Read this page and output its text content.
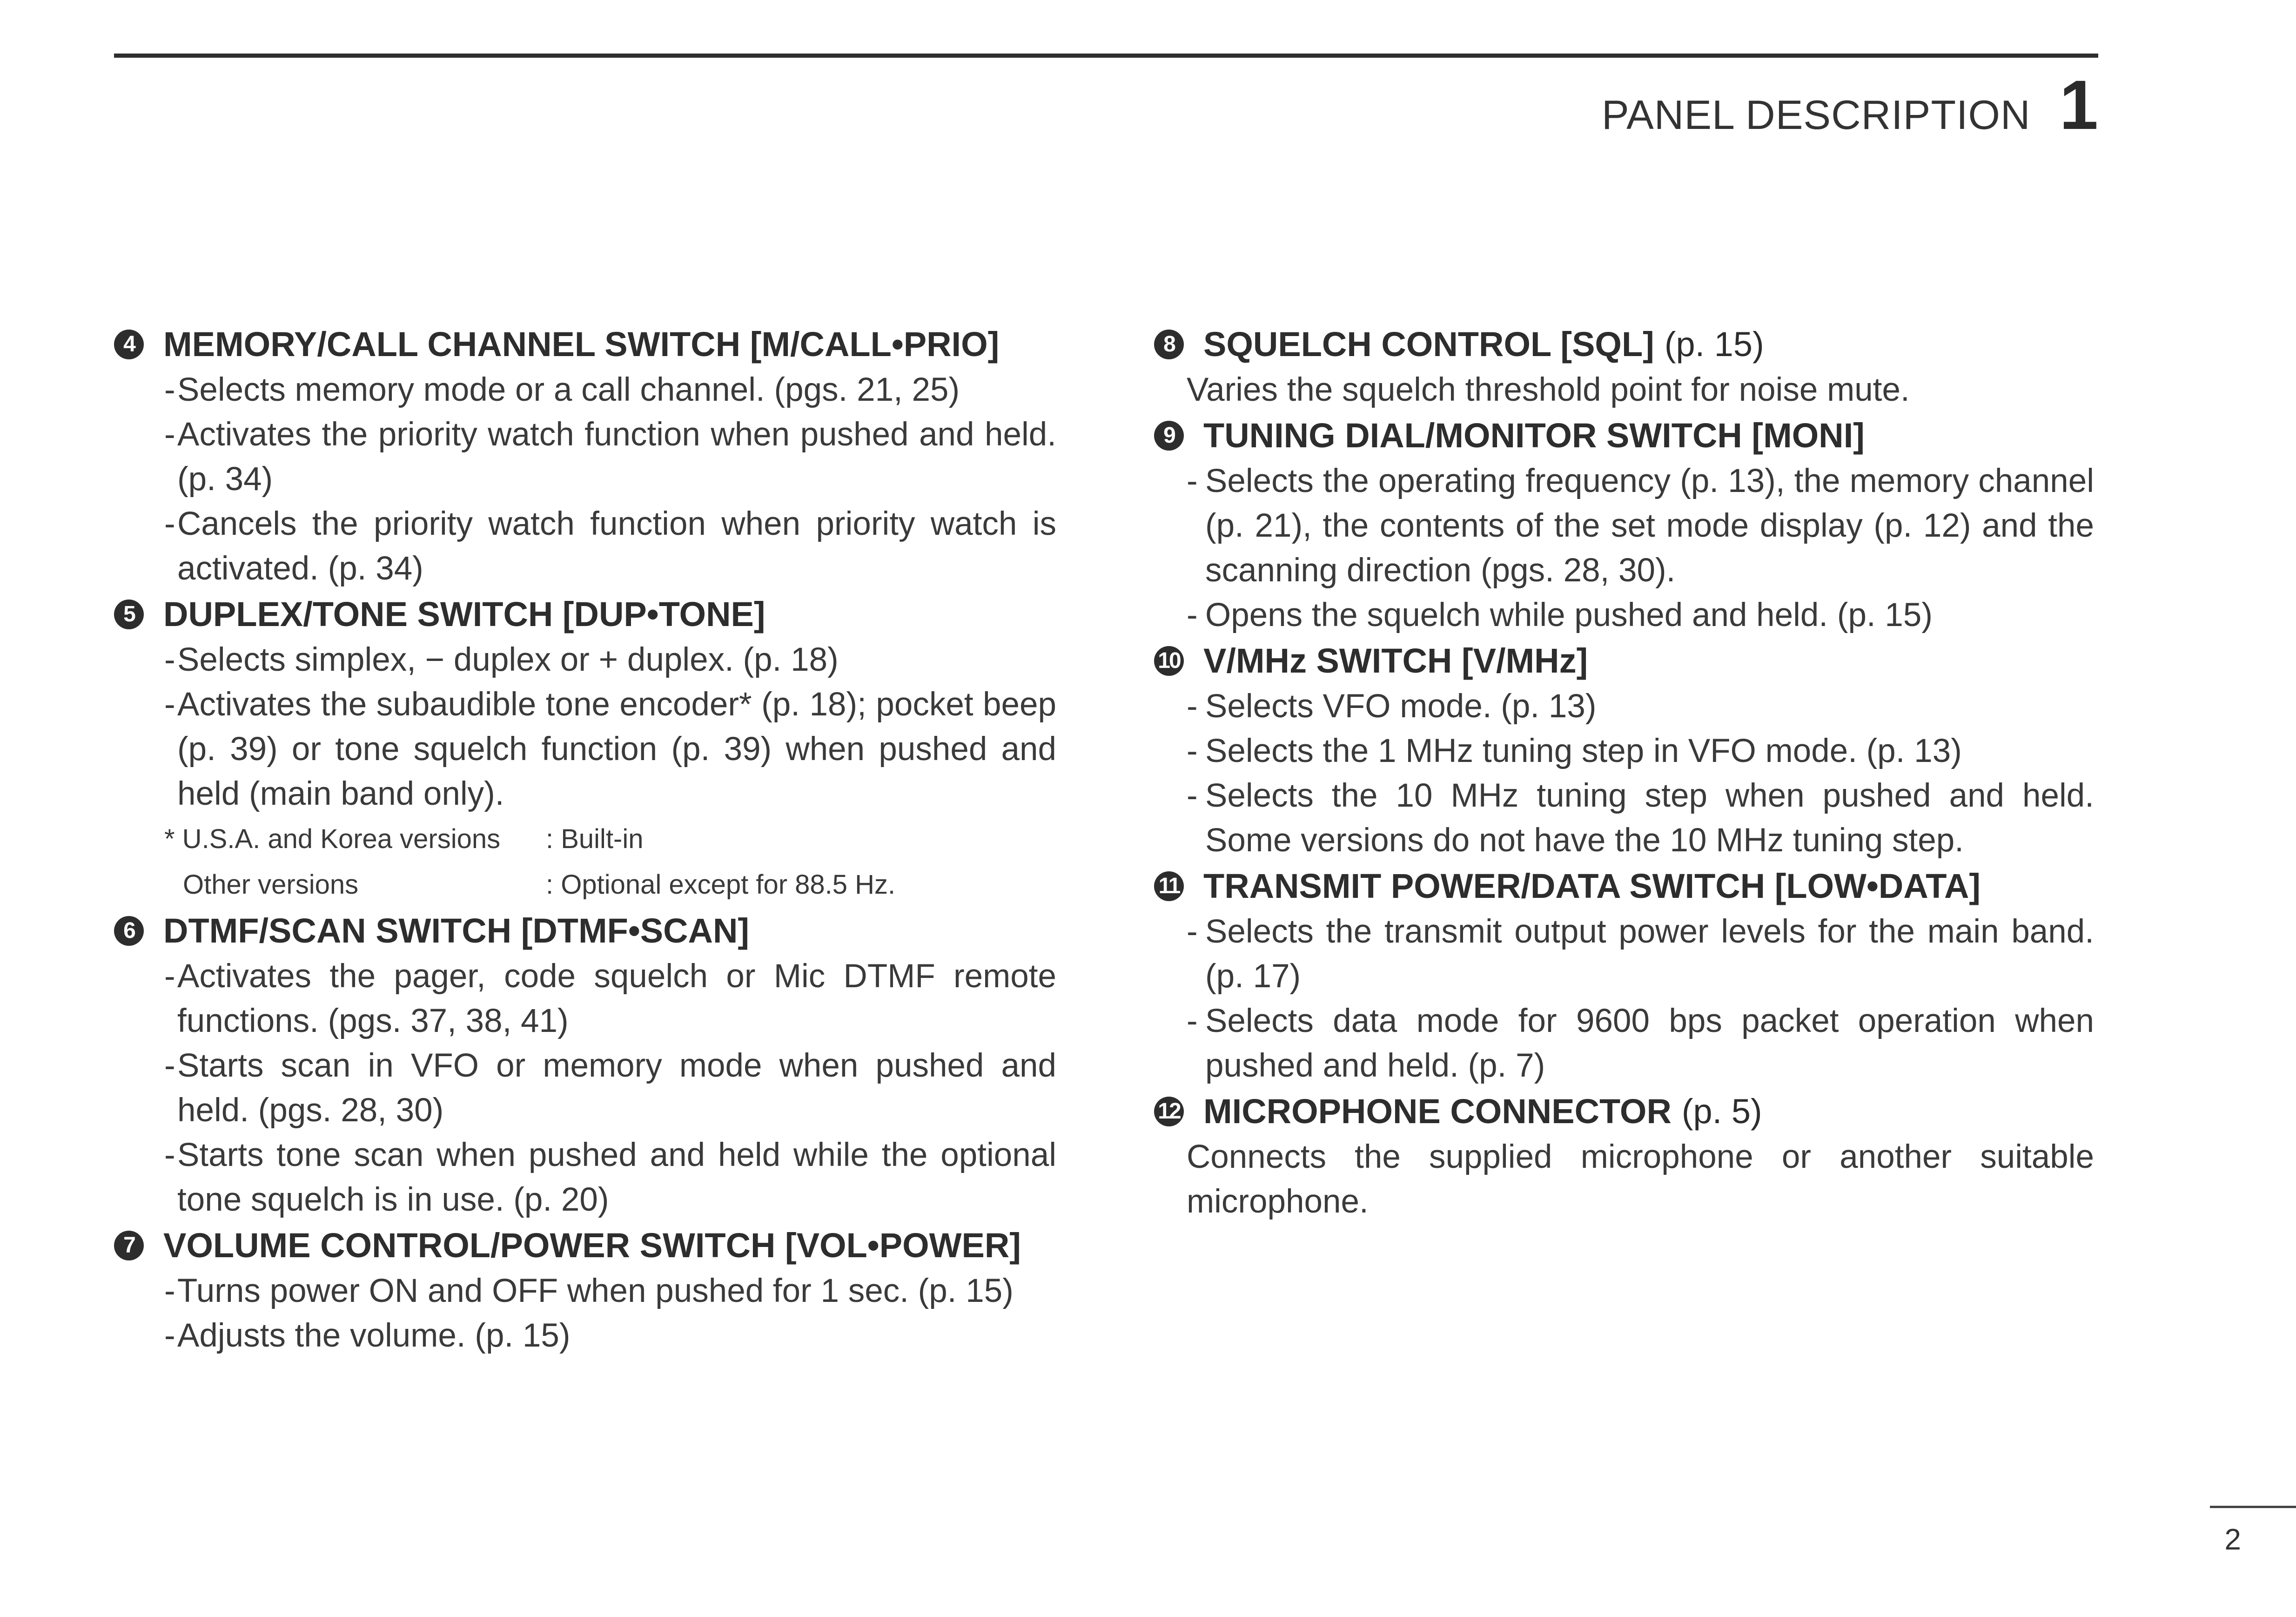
PANEL DESCRIPTION 1
4 MEMORY/CALL CHANNEL SWITCH [M/CALL•PRIO]
- Selects memory mode or a call channel. (pgs. 21, 25)
- Activates the priority watch function when pushed and held. (p. 34)
- Cancels the priority watch function when priority watch is activated. (p. 34)
5 DUPLEX/TONE SWITCH [DUP•TONE]
- Selects simplex, − duplex or + duplex. (p. 18)
- Activates the subaudible tone encoder* (p. 18); pocket beep (p. 39) or tone squelch function (p. 39) when pushed and held (main band only).
* U.S.A. and Korea versions	: Built-in
Other versions	: Optional except for 88.5 Hz.
6 DTMF/SCAN SWITCH [DTMF•SCAN]
- Activates the pager, code squelch or Mic DTMF remote functions. (pgs. 37, 38, 41)
- Starts scan in VFO or memory mode when pushed and held. (pgs. 28, 30)
- Starts tone scan when pushed and held while the optional tone squelch is in use. (p. 20)
7 VOLUME CONTROL/POWER SWITCH [VOL•POWER]
- Turns power ON and OFF when pushed for 1 sec. (p. 15)
- Adjusts the volume. (p. 15)
8 SQUELCH CONTROL [SQL] (p. 15)
Varies the squelch threshold point for noise mute.
9 TUNING DIAL/MONITOR SWITCH [MONI]
- Selects the operating frequency (p. 13), the memory channel (p. 21), the contents of the set mode display (p. 12) and the scanning direction (pgs. 28, 30).
- Opens the squelch while pushed and held. (p. 15)
10 V/MHz SWITCH [V/MHz]
- Selects VFO mode. (p. 13)
- Selects the 1 MHz tuning step in VFO mode. (p. 13)
- Selects the 10 MHz tuning step when pushed and held. Some versions do not have the 10 MHz tuning step.
11 TRANSMIT POWER/DATA SWITCH [LOW•DATA]
- Selects the transmit output power levels for the main band. (p. 17)
- Selects data mode for 9600 bps packet operation when pushed and held. (p. 7)
12 MICROPHONE CONNECTOR (p. 5)
Connects the supplied microphone or another suitable microphone.
2
